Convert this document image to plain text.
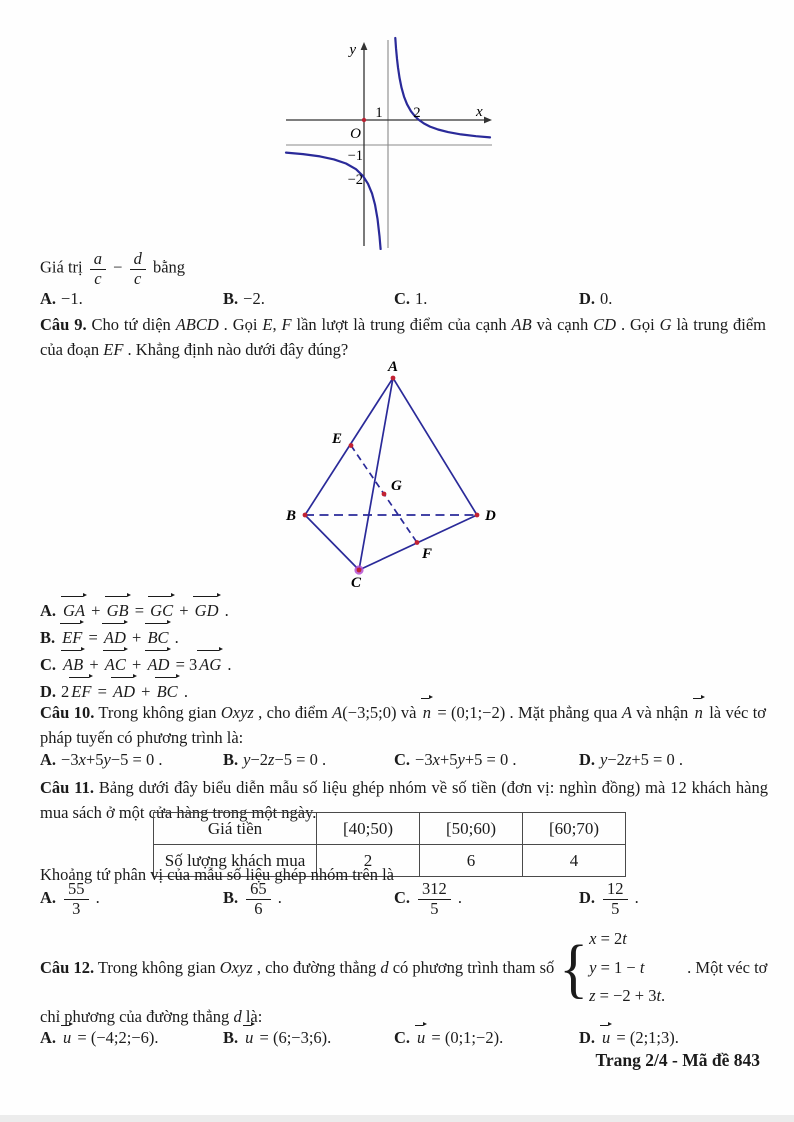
y
x
O
1 2
−1
−2
Giá trị $\frac{a}{c} - \frac{d}{c}$ bằng
A. −1.	B. −2.	C. 1.	D. 0.
Câu 9. Cho tứ diện ABCD . Gọi E, F lần lượt là trung điểm của cạnh AB và cạnh CD . Gọi G là trung điểm của đoạn EF . Khẳng định nào dưới đây đúng?
A
B
C
D
E
F
G
A. GA + GB = GC + GD .
B. EF = AD + BC .
C. AB + AC + AD = 3 AG .
D. 2 EF = AD + BC .
Câu 10. Trong không gian Oxyz , cho điểm A(−3;5;0) và n = (0;1;−2) . Mặt phẳng qua A và nhận n là véc tơ pháp tuyến có phương trình là:
A. −3x+5y−5 = 0 .	B. y−2z−5 = 0 .	C. −3x+5y+5 = 0 .	D. y−2z+5 = 0 .
Câu 11. Bảng dưới đây biểu diễn mẫu số liệu ghép nhóm về số tiền (đơn vị: nghìn đồng) mà 12 khách hàng mua sách ở một cửa hàng trong một ngày.
Giá tiền	[40;50)	[50;60)	[60;70)
Số lượng khách mua	2	6	4
Khoảng tứ phân vị của mẫu số liệu ghép nhóm trên là
A. $\frac{55}{3}$ .	B. $\frac{65}{6}$ .	C. $\frac{312}{5}$ .	D. $\frac{12}{5}$ .
Câu 12. Trong không gian Oxyz , cho đường thẳng d có phương trình tham số { x = 2t
y = 1 − t
z = −2 + 3t.
. Một véc tơ
chỉ phương của đường thẳng d là:
A. u = (−4;2;−6).	B. u = (6;−3;6).	C. u = (0;1;−2).	D. u = (2;1;3).
Trang 2/4 - Mã đề 843
